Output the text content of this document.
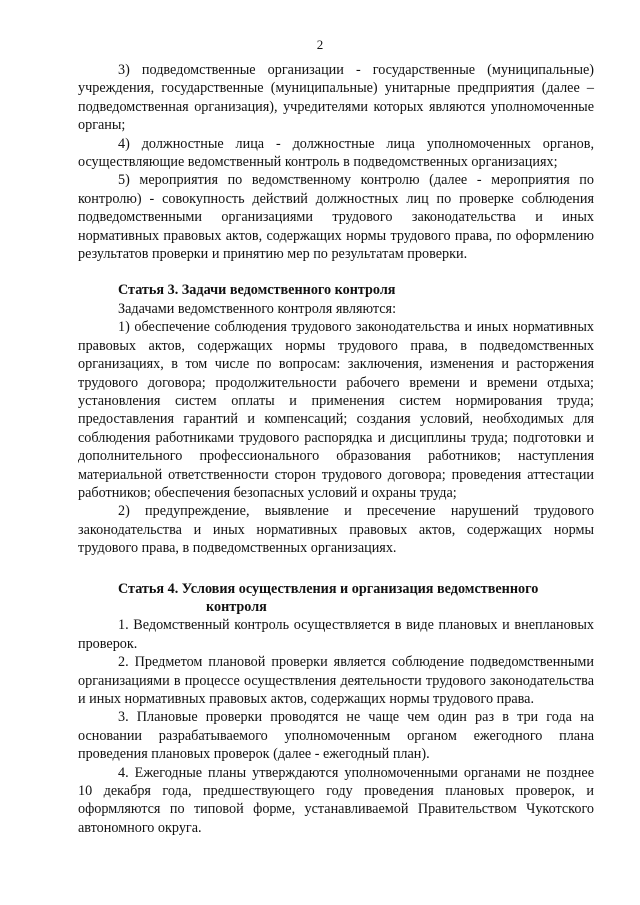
2

3) подведомственные организации - государственные (муниципальные) учреждения, государственные (муниципальные) унитарные предприятия (далее – подведомственная организация), учредителями которых являются уполномоченные органы;

4) должностные лица - должностные лица уполномоченных органов, осуществляющие ведомственный контроль в подведомственных организациях;

5) мероприятия по ведомственному контролю (далее - мероприятия по контролю) - совокупность действий должностных лиц по проверке соблюдения подведомственными организациями трудового законодательства и иных нормативных правовых актов, содержащих нормы трудового права, по оформлению результатов проверки и принятию мер по результатам проверки.

Статья 3. Задачи ведомственного контроля

Задачами ведомственного контроля являются:

1) обеспечение соблюдения трудового законодательства и иных нормативных правовых актов, содержащих нормы трудового права, в подведомственных организациях, в том числе по вопросам: заключения, изменения и расторжения трудового договора; продолжительности рабочего времени и времени отдыха; установления систем оплаты и применения систем нормирования труда; предоставления гарантий и компенсаций; создания условий, необходимых для соблюдения работниками трудового распорядка и дисциплины труда; подготовки и дополнительного профессионального образования работников; наступления материальной ответственности сторон трудового договора; проведения аттестации работников; обеспечения безопасных условий и охраны труда;

2) предупреждение, выявление и пресечение нарушений трудового законодательства и иных нормативных правовых актов, содержащих нормы трудового права, в подведомственных организациях.

Статья 4. Условия осуществления и организация ведомственного
контроля

1. Ведомственный контроль осуществляется в виде плановых и внеплановых проверок.

2. Предметом плановой проверки является соблюдение подведомственными организациями в процессе осуществления деятельности трудового законодательства и иных нормативных правовых актов, содержащих нормы трудового права.

3. Плановые проверки проводятся не чаще чем один раз в три года на основании разрабатываемого уполномоченным органом ежегодного плана проведения плановых проверок (далее - ежегодный план).

4. Ежегодные планы утверждаются уполномоченными органами не позднее 10 декабря года, предшествующего году проведения плановых проверок, и оформляются по типовой форме, устанавливаемой Правительством Чукотского автономного округа.
